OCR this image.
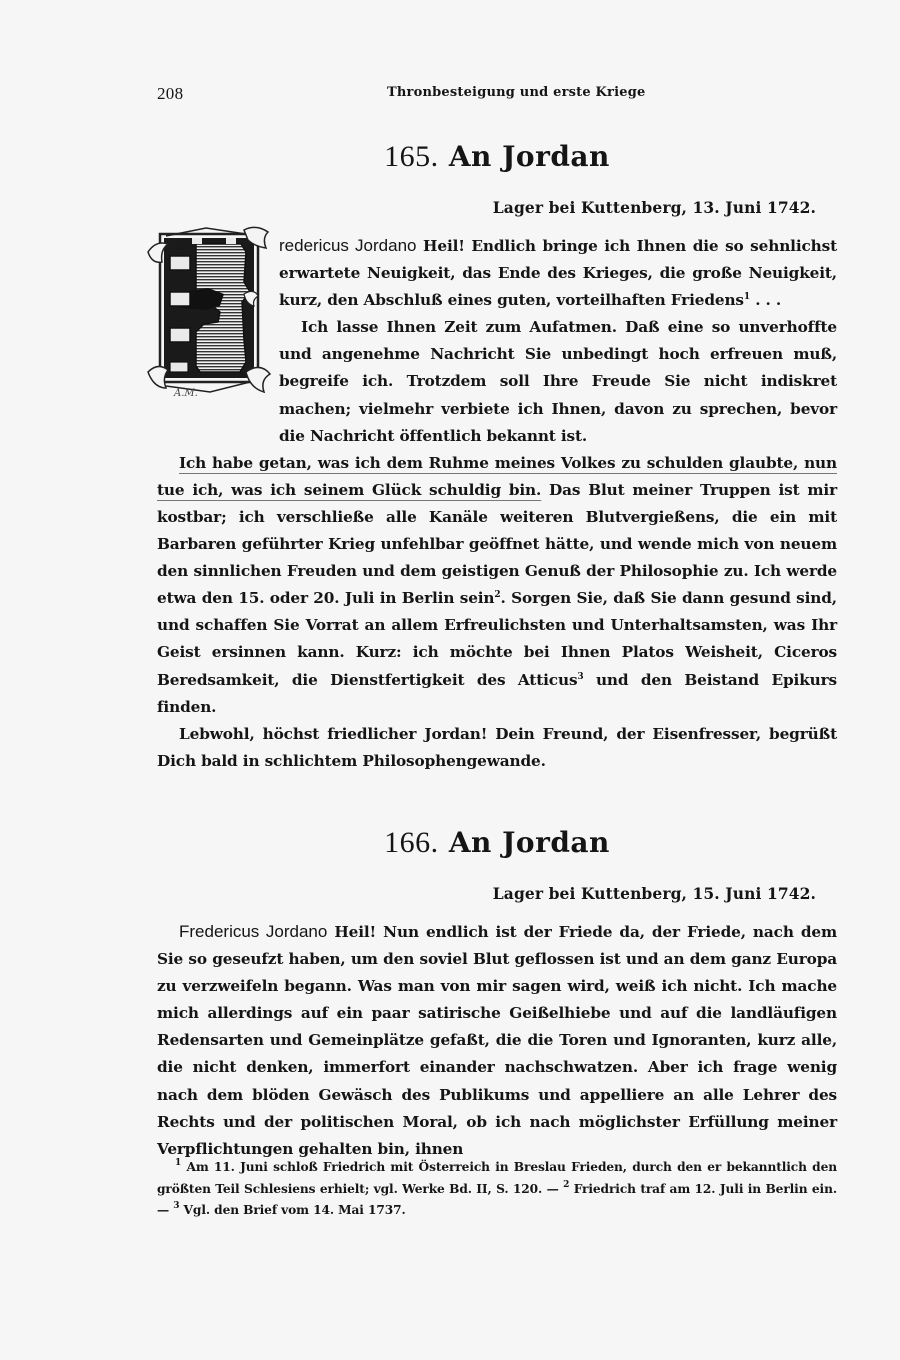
208	Thronbesteigung und erste Kriege
165. An Jordan
Lager bei Kuttenberg, 13. Juni 1742.
A.M.

redericus Jordano Heil! Endlich bringe ich Ihnen die so sehnlichst erwartete Neuigkeit, das Ende des Krieges, die große Neuigkeit, kurz, den Abschluß eines guten, vorteilhaften Friedens$^1$ . . .

Ich lasse Ihnen Zeit zum Aufatmen. Daß eine so unverhoffte und angenehme Nachricht Sie unbedingt hoch erfreuen muß, begreife ich. Trotzdem soll Ihre Freude Sie nicht indiskret machen; vielmehr verbiete ich Ihnen, davon zu sprechen, bevor die Nachricht öffentlich bekannt ist.

Ich habe getan, was ich dem Ruhme meines Volkes zu schulden glaubte, nun tue ich, was ich seinem Glück schuldig bin. Das Blut meiner Truppen ist mir kostbar; ich verschließe alle Kanäle weiteren Blutvergießens, die ein mit Barbaren geführter Krieg unfehlbar geöffnet hätte, und wende mich von neuem den sinnlichen Freuden und dem geistigen Genuß der Philosophie zu. Ich werde etwa den 15. oder 20. Juli in Berlin sein$^2$. Sorgen Sie, daß Sie dann gesund sind, und schaffen Sie Vorrat an allem Erfreulichsten und Unterhaltsamsten, was Ihr Geist ersinnen kann. Kurz: ich möchte bei Ihnen Platos Weisheit, Ciceros Beredsamkeit, die Dienstfertigkeit des Atticus$^3$ und den Beistand Epikurs finden.

Lebwohl, höchst friedlicher Jordan! Dein Freund, der Eisenfresser, begrüßt Dich bald in schlichtem Philosophengewande.

166. An Jordan
Lager bei Kuttenberg, 15. Juni 1742.

Fredericus Jordano Heil! Nun endlich ist der Friede da, der Friede, nach dem Sie so geseufzt haben, um den soviel Blut geflossen ist und an dem ganz Europa zu verzweifeln begann. Was man von mir sagen wird, weiß ich nicht. Ich mache mich allerdings auf ein paar satirische Geißelhiebe und auf die landläufigen Redensarten und Gemeinplätze gefaßt, die die Toren und Ignoranten, kurz alle, die nicht denken, immerfort einander nachschwatzen. Aber ich frage wenig nach dem blöden Gewäsch des Publikums und appelliere an alle Lehrer des Rechts und der politischen Moral, ob ich nach möglichster Erfüllung meiner Verpflichtungen gehalten bin, ihnen

$^1$ Am 11. Juni schloß Friedrich mit Österreich in Breslau Frieden, durch den er bekanntlich den größten Teil Schlesiens erhielt; vgl. Werke Bd. II, S. 120. — $^2$ Friedrich traf am 12. Juli in Berlin ein. — $^3$ Vgl. den Brief vom 14. Mai 1737.
